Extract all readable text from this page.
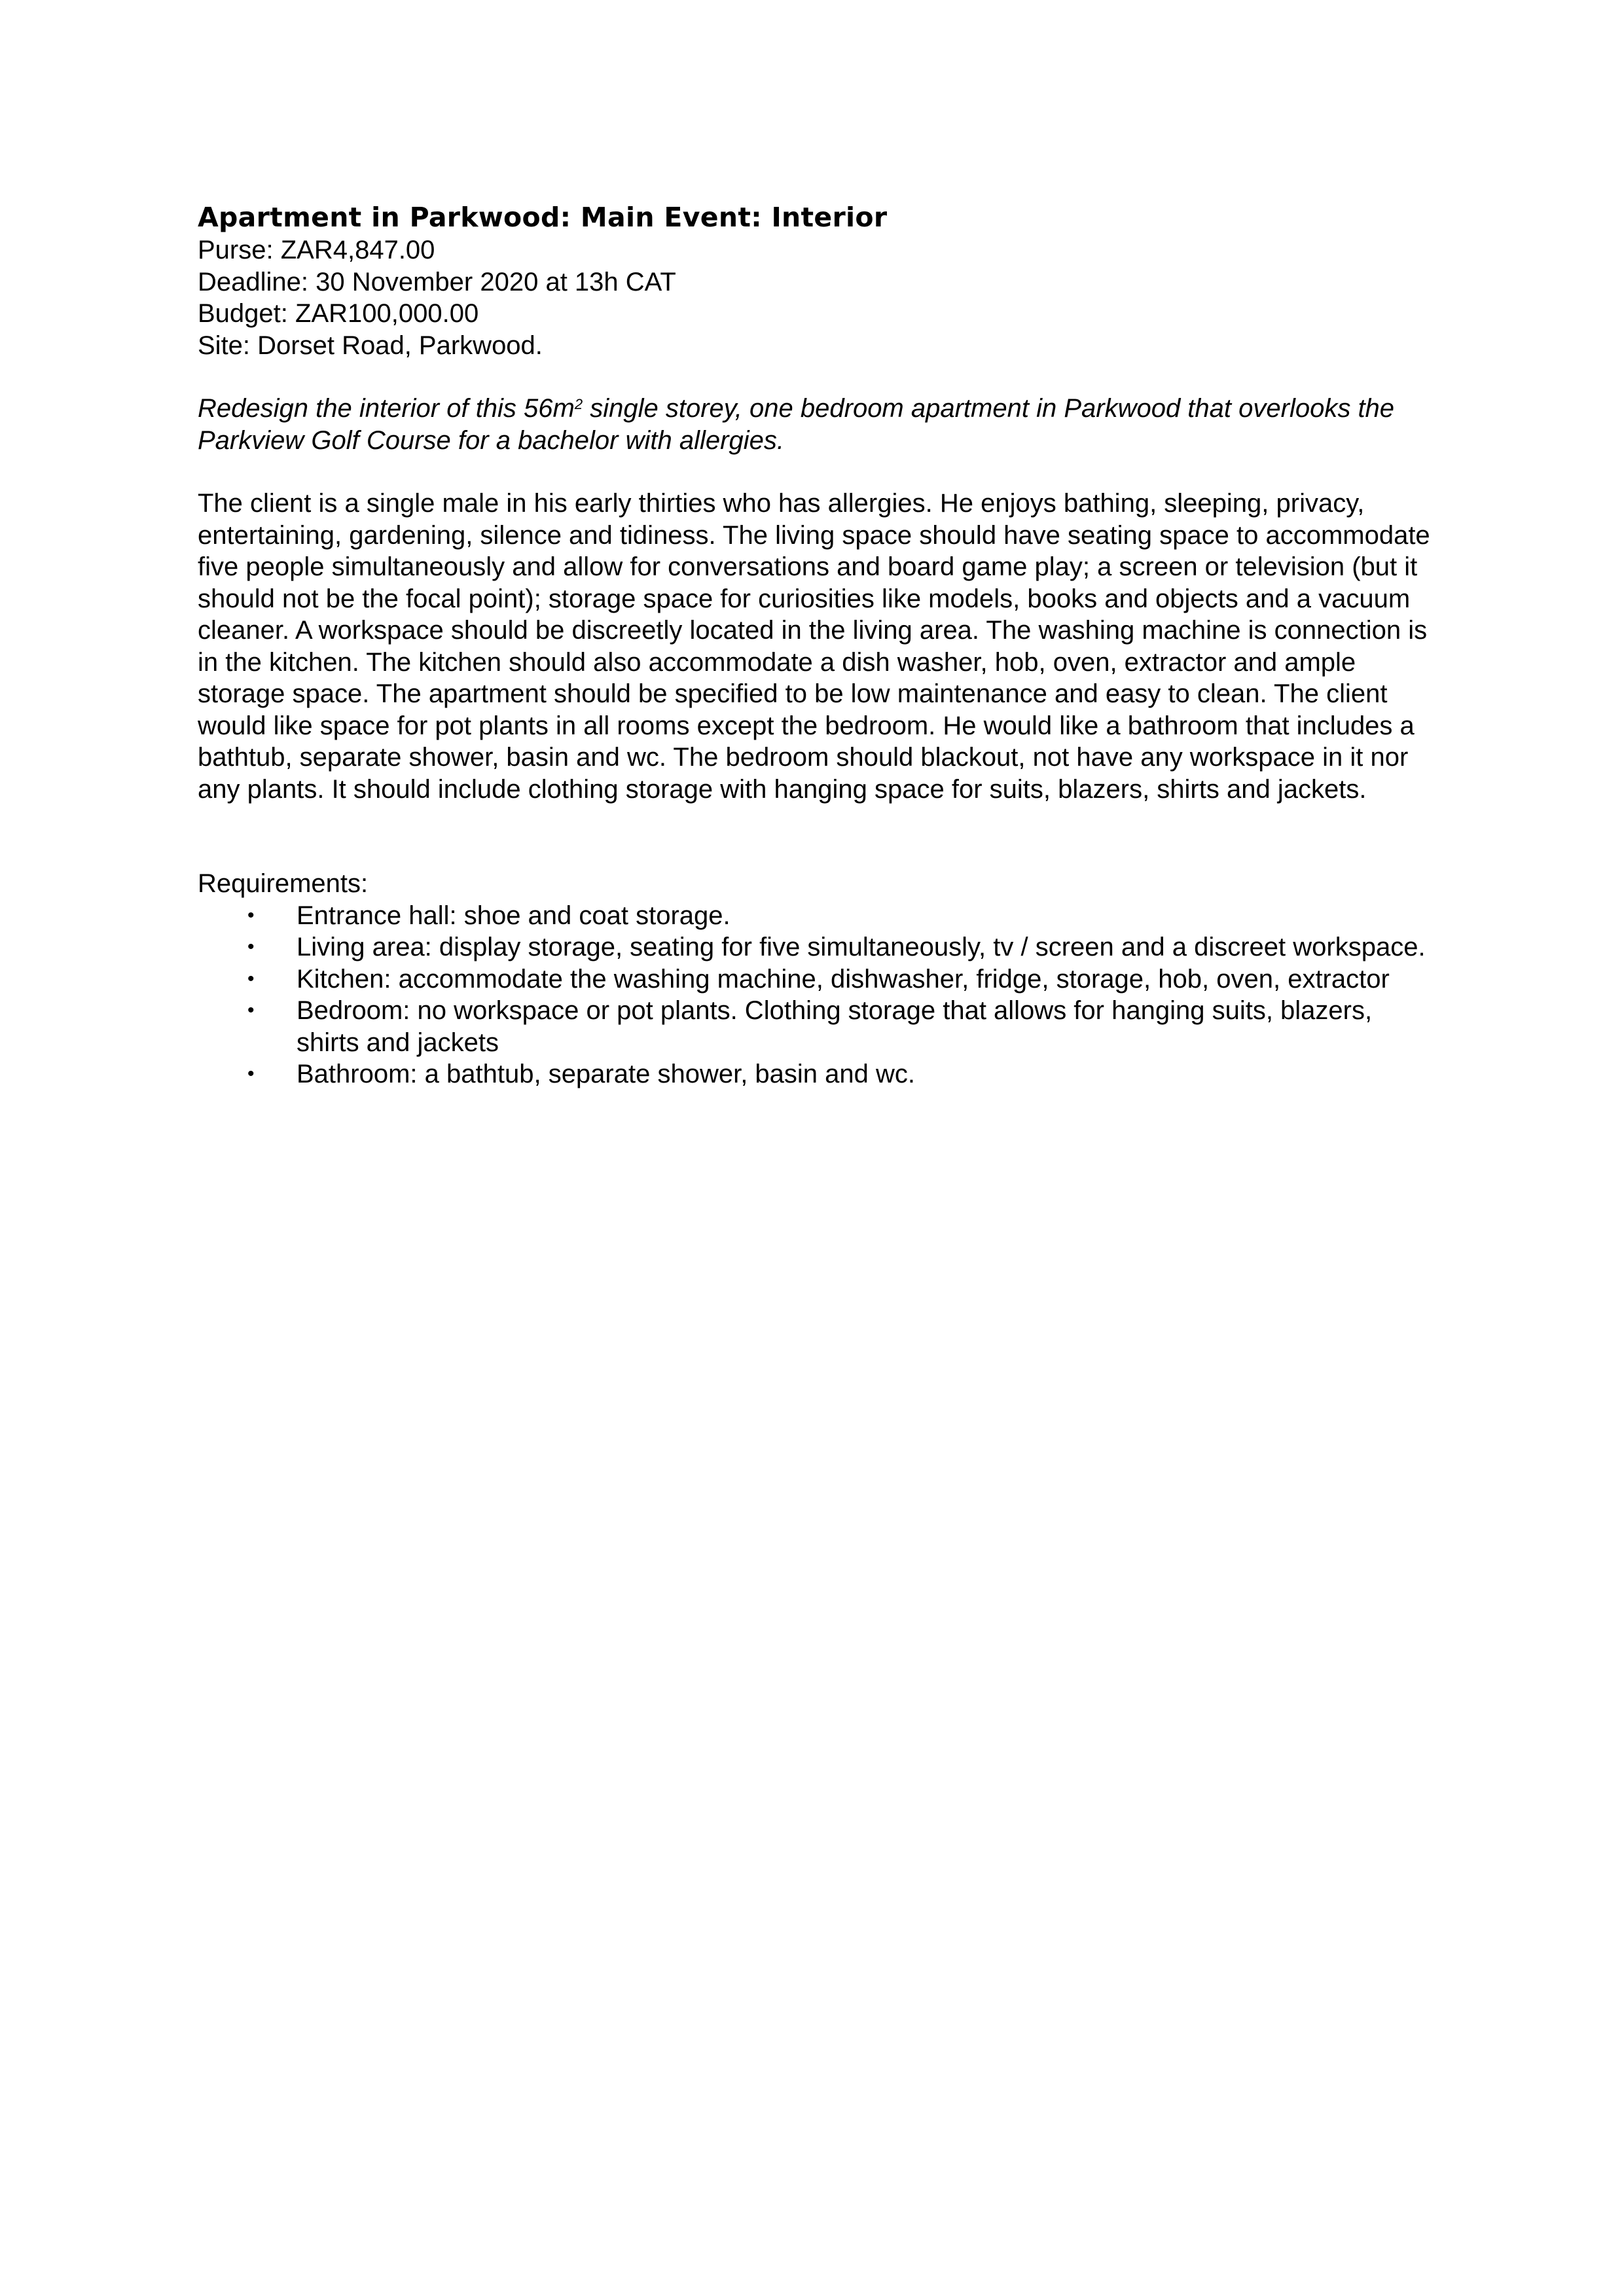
Apartment in Parkwood: Main Event: Interior

Purse: ZAR4,847.00

Deadline: 30 November 2020 at 13h CAT

Budget: ZAR100,000.00

Site: Dorset Road, Parkwood.

Redesign the interior of this $56m^2$ single storey, one bedroom apartment in Parkwood that overlooks the Parkview Golf Course for a bachelor with allergies.

The client is a single male in his early thirties who has allergies. He enjoys bathing, sleeping, privacy, entertaining, gardening, silence and tidiness. The living space should have seating space to accommodate five people simultaneously and allow for conversations and board game play; a screen or television (but it should not be the focal point); storage space for curiosities like models, books and objects and a vacuum cleaner. A workspace should be discreetly located in the living area. The washing machine is connection is in the kitchen. The kitchen should also accommodate a dish washer, hob, oven, extractor and ample storage space. The apartment should be specified to be low maintenance and easy to clean. The client would like space for pot plants in all rooms except the bedroom. He would like a bathroom that includes a bathtub, separate shower, basin and wc. The bedroom should blackout, not have any workspace in it nor any plants. It should include clothing storage with hanging space for suits, blazers, shirts and jackets.

Requirements:

• Entrance hall: shoe and coat storage.
• Living area: display storage, seating for five simultaneously, tv / screen and a discreet workspace.
• Kitchen: accommodate the washing machine, dishwasher, fridge, storage, hob, oven, extractor
• Bedroom: no workspace or pot plants. Clothing storage that allows for hanging suits, blazers, shirts and jackets
• Bathroom: a bathtub, separate shower, basin and wc.
